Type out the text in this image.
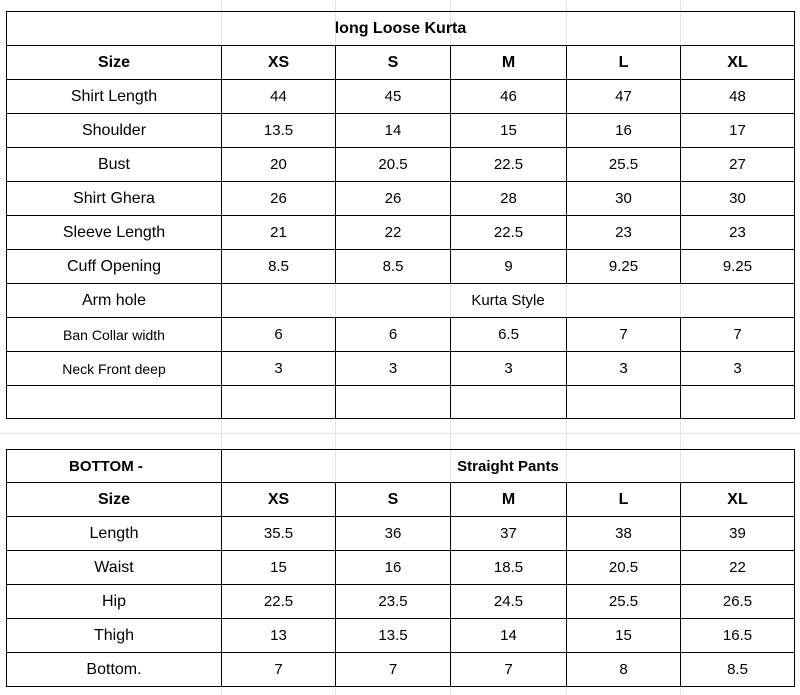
long Loose Kurta					
Size	XS	S	M	L	XL
Shirt Length	44	45	46	47	48
Shoulder	13.5	14	15	16	17
Bust	20	20.5	22.5	25.5	27
Shirt Ghera	26	26	28	30	30
Sleeve Length	21	22	22.5	23	23
Cuff Opening	8.5	8.5	9	9.25	9.25
Arm hole	Kurta Style				
Ban Collar width	6	6	6.5	7	7
Neck Front deep	3	3	3	3	3

BOTTOM -	Straight Pants				
Size	XS	S	M	L	XL
Length	35.5	36	37	38	39
Waist	15	16	18.5	20.5	22
Hip	22.5	23.5	24.5	25.5	26.5
Thigh	13	13.5	14	15	16.5
Bottom.	7	7	7	8	8.5
